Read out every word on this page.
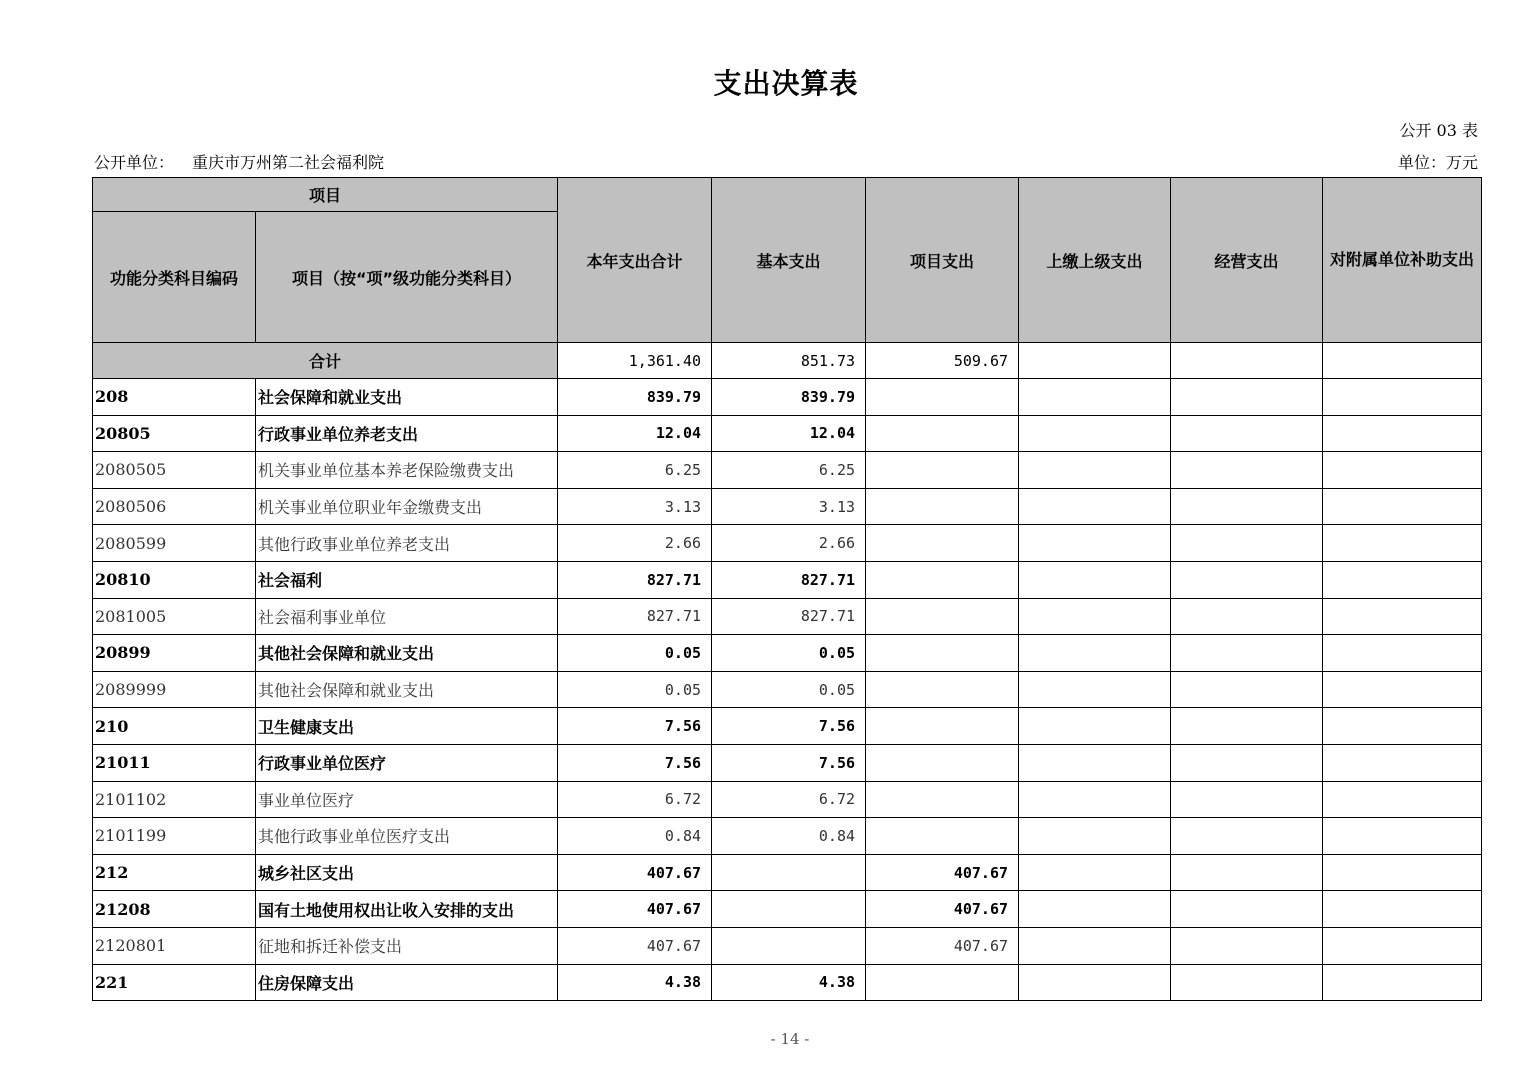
支出决算表
公开 03 表
公开单位： 重庆市万州第二社会福利院	单位：万元
项目		本年支出合计	基本支出	项目支出	上缴上级支出	经营支出	对附属单位补助支出
功能分类科目编码	项目（按“项”级功能分类科目）						
合计		1,361.40	851.73	509.67			
208	社会保障和就业支出	839.79	839.79				
20805	行政事业单位养老支出	12.04	12.04				
2080505	机关事业单位基本养老保险缴费支出	6.25	6.25				
2080506	机关事业单位职业年金缴费支出	3.13	3.13				
2080599	其他行政事业单位养老支出	2.66	2.66				
20810	社会福利	827.71	827.71				
2081005	社会福利事业单位	827.71	827.71				
20899	其他社会保障和就业支出	0.05	0.05				
2089999	其他社会保障和就业支出	0.05	0.05				
210	卫生健康支出	7.56	7.56				
21011	行政事业单位医疗	7.56	7.56				
2101102	事业单位医疗	6.72	6.72				
2101199	其他行政事业单位医疗支出	0.84	0.84				
212	城乡社区支出	407.67		407.67			
21208	国有土地使用权出让收入安排的支出	407.67		407.67			
2120801	征地和拆迁补偿支出	407.67		407.67			
221	住房保障支出	4.38	4.38				
- 14 -
